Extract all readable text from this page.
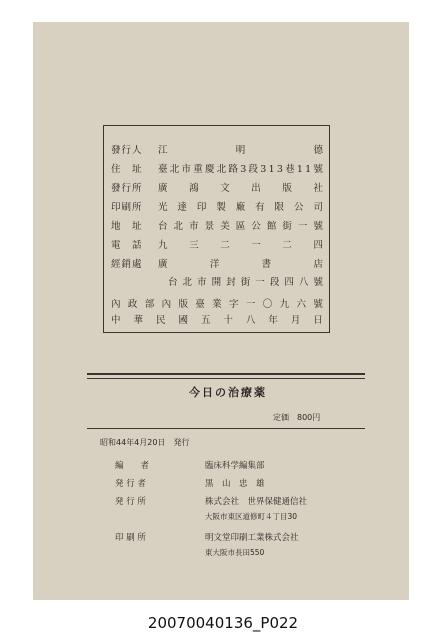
發行人 江	明	德
住　址 臺 北 市 重 慶 北 路 3 段 3 1 3 巷 1 1 號
發行所 廣 鴻 文 出 版 社
印刷所 光 達 印 製 廠 有 限 公 司
地　址 台 北 市 景 美 區 公 館 街 一 號
電　話 九 三 二 一 二 四
經銷處 廣	洋	書	店
台 北 市 開 封 街 一 段 四 八 號
內 政 部 內 版 臺 業 字 一 〇 九 六 號
中 華 民 國 五 十 八 年 月 日
今日の治療薬
定価　800円
昭和44年4月20日　発行
編　　者	臨床科学編集部
発 行 者	黒　山　忠　雄
発 行 所	株式会社　世界保健通信社
大阪市東区道修町４丁目30
印 刷 所	明文堂印刷工業株式会社
東大阪市長田550
20070040136_P022
